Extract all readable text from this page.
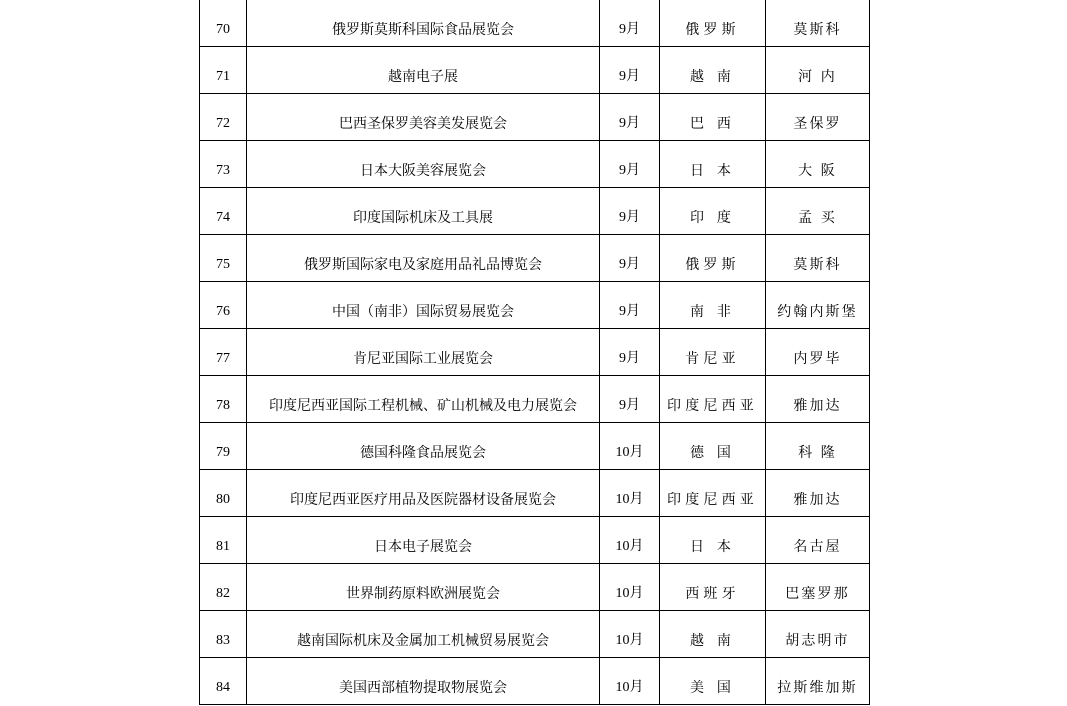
70	俄罗斯莫斯科国际食品展览会	9月	俄罗斯	莫斯科
71	越南电子展	9月	越 南	河 内
72	巴西圣保罗美容美发展览会	9月	巴 西	圣保罗
73	日本大阪美容展览会	9月	日 本	大 阪
74	印度国际机床及工具展	9月	印 度	孟 买
75	俄罗斯国际家电及家庭用品礼品博览会	9月	俄罗斯	莫斯科
76	中国（南非）国际贸易展览会	9月	南 非	约翰内斯堡
77	肯尼亚国际工业展览会	9月	肯尼亚	内罗毕
78	印度尼西亚国际工程机械、矿山机械及电力展览会	9月	印度尼西亚	雅加达
79	德国科隆食品展览会	10月	德 国	科 隆
80	印度尼西亚医疗用品及医院器材设备展览会	10月	印度尼西亚	雅加达
81	日本电子展览会	10月	日 本	名古屋
82	世界制药原料欧洲展览会	10月	西班牙	巴塞罗那
83	越南国际机床及金属加工机械贸易展览会	10月	越 南	胡志明市
84	美国西部植物提取物展览会	10月	美 国	拉斯维加斯
